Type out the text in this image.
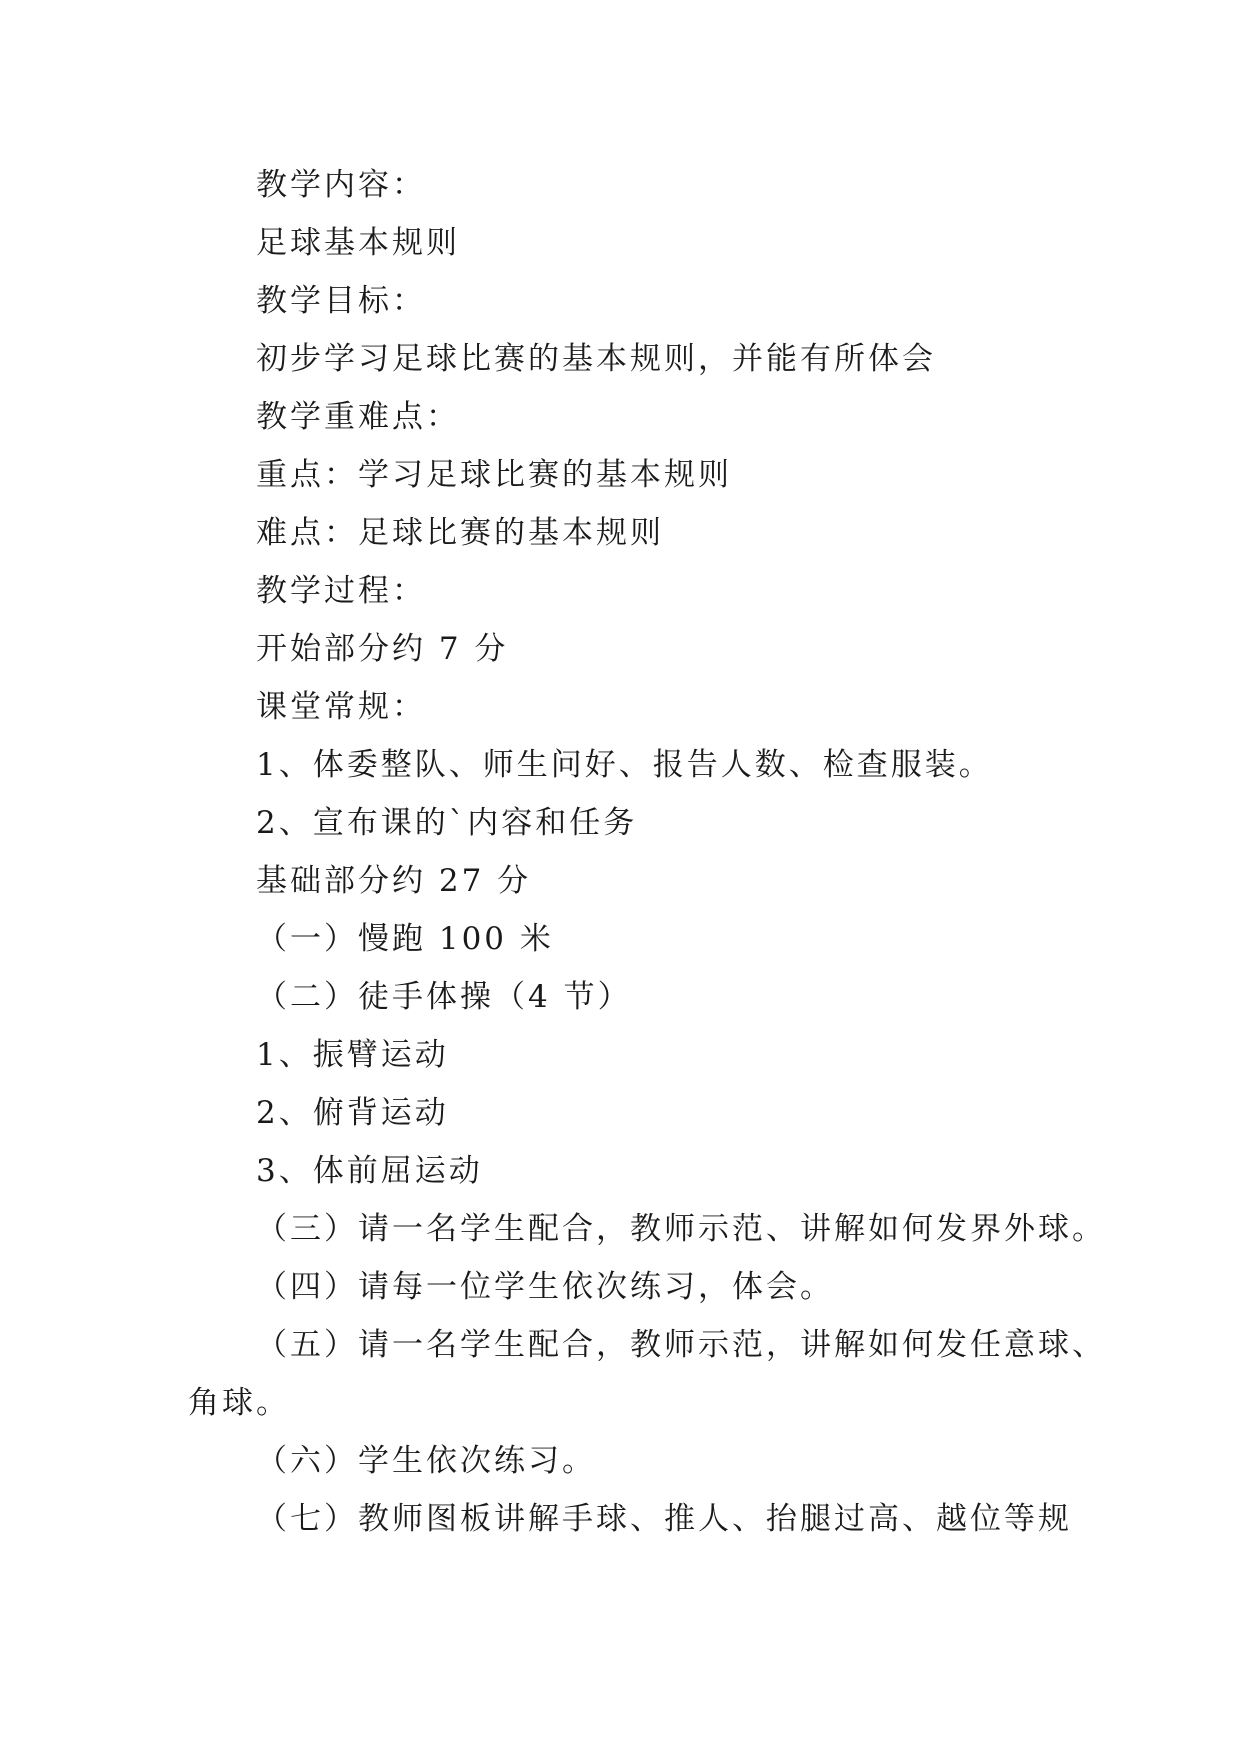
教学内容：

足球基本规则

教学目标：

初步学习足球比赛的基本规则，并能有所体会

教学重难点：

重点：学习足球比赛的基本规则

难点：足球比赛的基本规则

教学过程：

开始部分约 7 分

课堂常规：

1、体委整队、师生问好、报告人数、检查服装。

2、宣布课的`内容和任务

基础部分约 27 分

（一）慢跑 100 米

（二）徒手体操（4 节）

1、振臂运动

2、俯背运动

3、体前屈运动

（三）请一名学生配合，教师示范、讲解如何发界外球。

（四）请每一位学生依次练习，体会。

（五）请一名学生配合，教师示范，讲解如何发任意球、

角球。

（六）学生依次练习。

（七）教师图板讲解手球、推人、抬腿过高、越位等规
